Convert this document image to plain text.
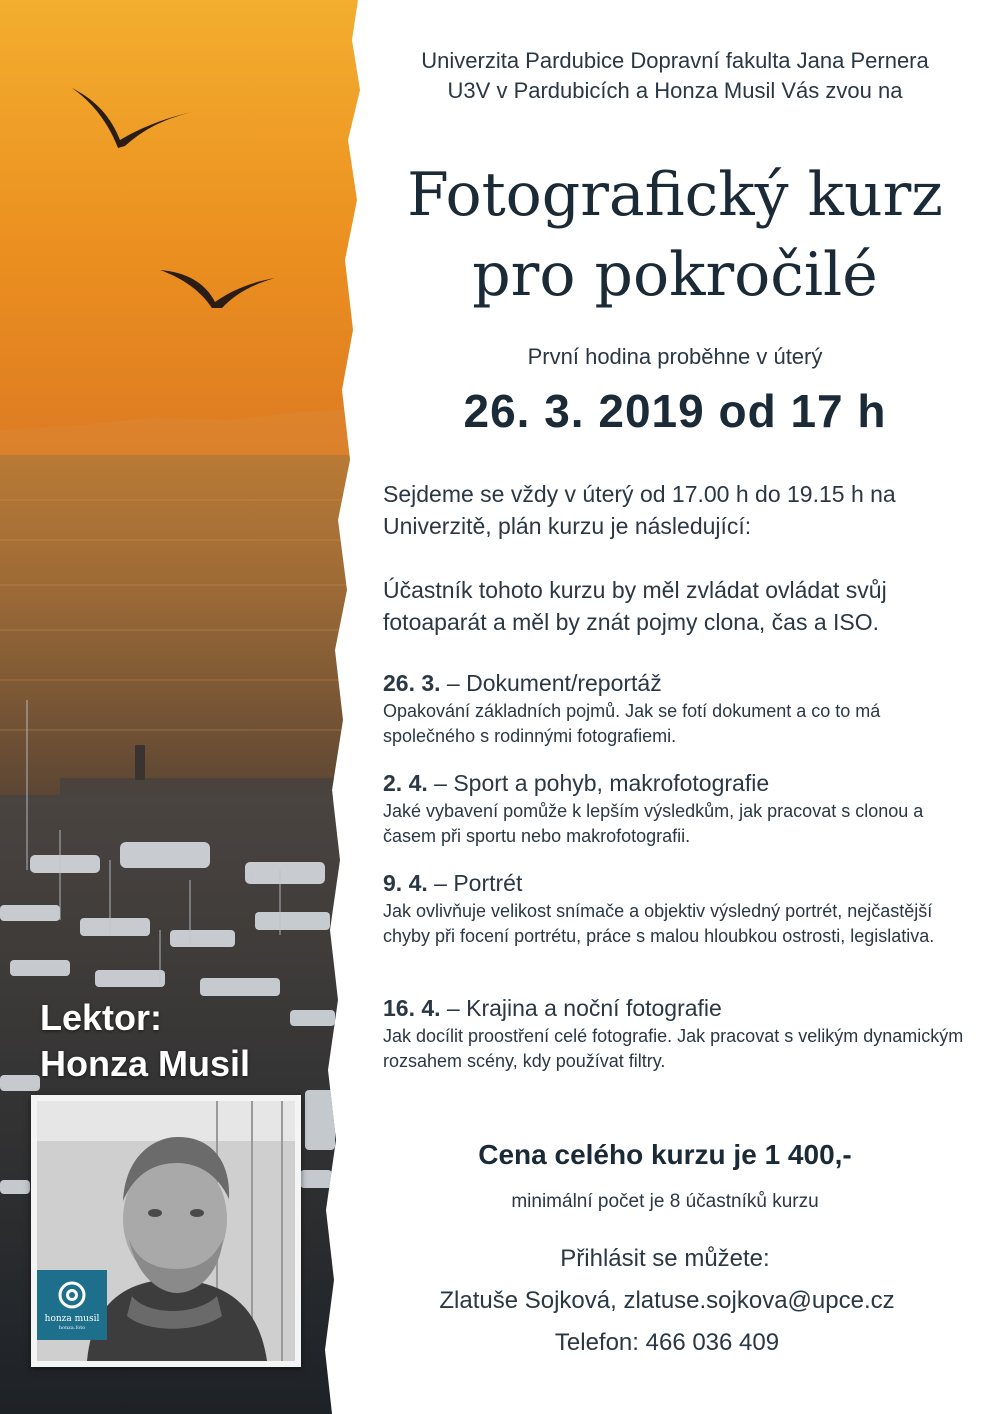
Lektor:
Honza Musil
honza musil
honza.foto
Univerzita Pardubice Dopravní fakulta Jana Pernera
U3V v Pardubicích a Honza Musil Vás zvou na
Fotografický kurz
pro pokročilé
První hodina proběhne v úterý
26. 3. 2019 od 17 h

Sejdeme se vždy v úterý od 17.00 h do 19.15 h na Univerzitě, plán kurzu je následující:

Účastník tohoto kurzu by měl zvládat ovládat svůj fotoaparát a měl by znát pojmy clona, čas a ISO.

26. 3. – Dokument/reportáž
Opakování základních pojmů. Jak se fotí dokument a co to má společného s rodinnými fotografiemi.
2. 4. – Sport a pohyb, makrofotografie
Jaké vybavení pomůže k lepším výsledkům, jak pracovat s clonou a časem při sportu nebo makrofotografii.
9. 4. – Portrét
Jak ovlivňuje velikost snímače a objektiv výsledný portrét, nejčastější chyby při focení portrétu, práce s malou hloubkou ostrosti, legislativa.
16. 4. – Krajina a noční fotografie
Jak docílit proostření celé fotografie. Jak pracovat s velikým dynamickým rozsahem scény, kdy používat filtry.
Cena celého kurzu je 1 400,-
minimální počet je 8 účastníků kurzu
Přihlásit se můžete:
Zlatuše Sojková, zlatuse.sojkova@upce.cz
Telefon: 466 036 409
